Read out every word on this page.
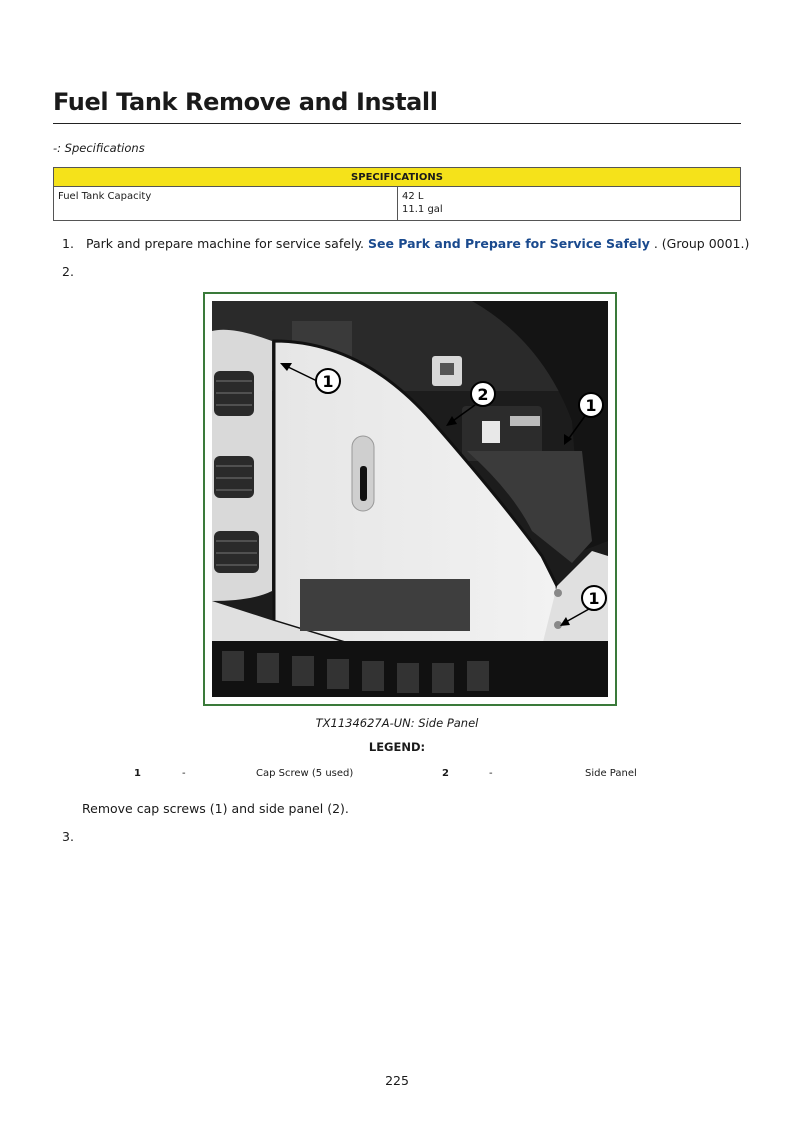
Fuel Tank Remove and Install
-: Specifications
SPECIFICATIONS
Fuel Tank Capacity	42 L
11.1 gal
1. Park and prepare machine for service safely. See Park and Prepare for Service Safely . (Group 0001.)
2.
1
2
1
1
TX1134627A-UN: Side Panel
LEGEND:
1	-	Cap Screw (5 used)	2	-	Side Panel
Remove cap screws (1) and side panel (2).
3.
225
